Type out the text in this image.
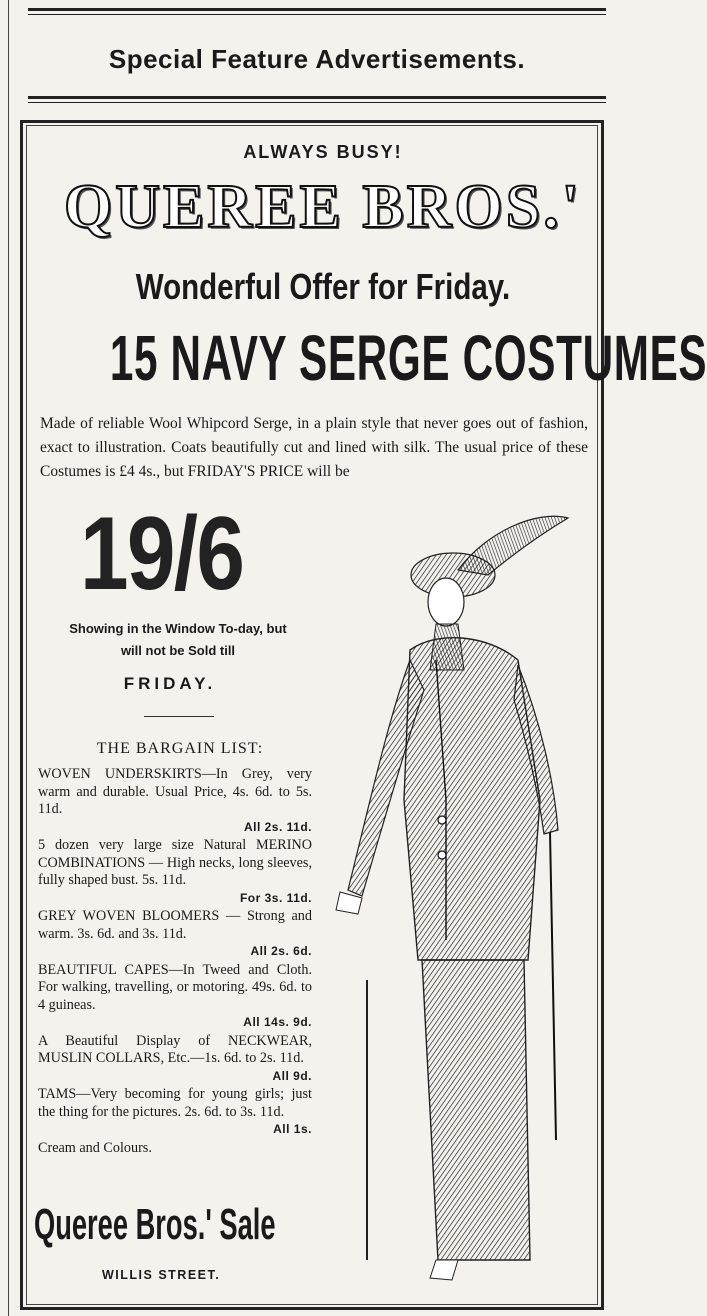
Special Feature Advertisements.
ALWAYS BUSY!
QUEREE BROS.'
Wonderful Offer for Friday.
15 NAVY SERGE COSTUMES
Made of reliable Wool Whipcord Serge, in a plain style that never goes out of fashion, exact to illustration. Coats beautifully cut and lined with silk. The usual price of these Costumes is £4 4s., but FRIDAY'S PRICE will be
19/6
Showing in the Window To-day, but
will not be Sold till
FRIDAY.
THE BARGAIN LIST:
WOVEN UNDERSKIRTS—In Grey, very warm and durable. Usual Price, 4s. 6d. to 5s. 11d.
All 2s. 11d.
5 dozen very large size Natural MERINO COMBINATIONS — High necks, long sleeves, fully shaped bust. 5s. 11d.
For 3s. 11d.
GREY WOVEN BLOOMERS — Strong and warm. 3s. 6d. and 3s. 11d.
All 2s. 6d.
BEAUTIFUL CAPES—In Tweed and Cloth. For walking, travelling, or motoring. 49s. 6d. to 4 guineas.
All 14s. 9d.
A Beautiful Display of NECKWEAR, MUSLIN COLLARS, Etc.—1s. 6d. to 2s. 11d.
All 9d.
TAMS—Very becoming for young girls; just the thing for the pictures. 2s. 6d. to 3s. 11d.
All 1s.
Cream and Colours.
Queree Bros.' Sale
WILLIS STREET.
